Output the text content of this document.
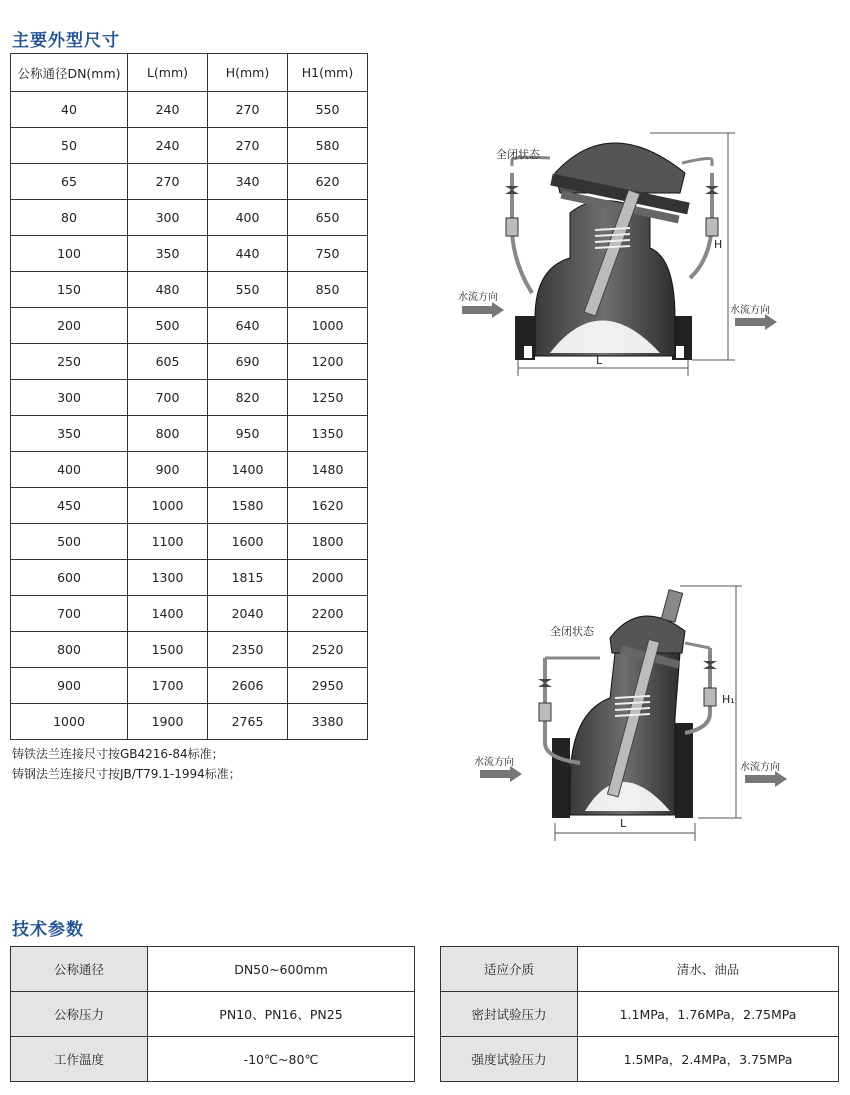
主要外型尺寸
公称通径DN(mm)	L(mm)	H(mm)	H1(mm)
40	240	270	550
50	240	270	580
65	270	340	620
80	300	400	650
100	350	440	750
150	480	550	850
200	500	640	1000
250	605	690	1200
300	700	820	1250
350	800	950	1350
400	900	1400	1480
450	1000	1580	1620
500	1100	1600	1800
600	1300	1815	2000
700	1400	2040	2200
800	1500	2350	2520
900	1700	2606	2950
1000	1900	2765	3380
铸铁法兰连接尺寸按GB4216-84标准；
铸钢法兰连接尺寸按JB/T79.1-1994标准；
全闭状态
水流方向
水流方向
L
H
全闭状态
水流方向	水流方向
L
H₁
技术参数
公称通径	DN50~600mm
公称压力	PN10、PN16、PN25
工作温度	-10℃~80℃
适应介质	清水、油品
密封试验压力	1.1MPa，1.76MPa，2.75MPa
强度试验压力	1.5MPa，2.4MPa，3.75MPa
